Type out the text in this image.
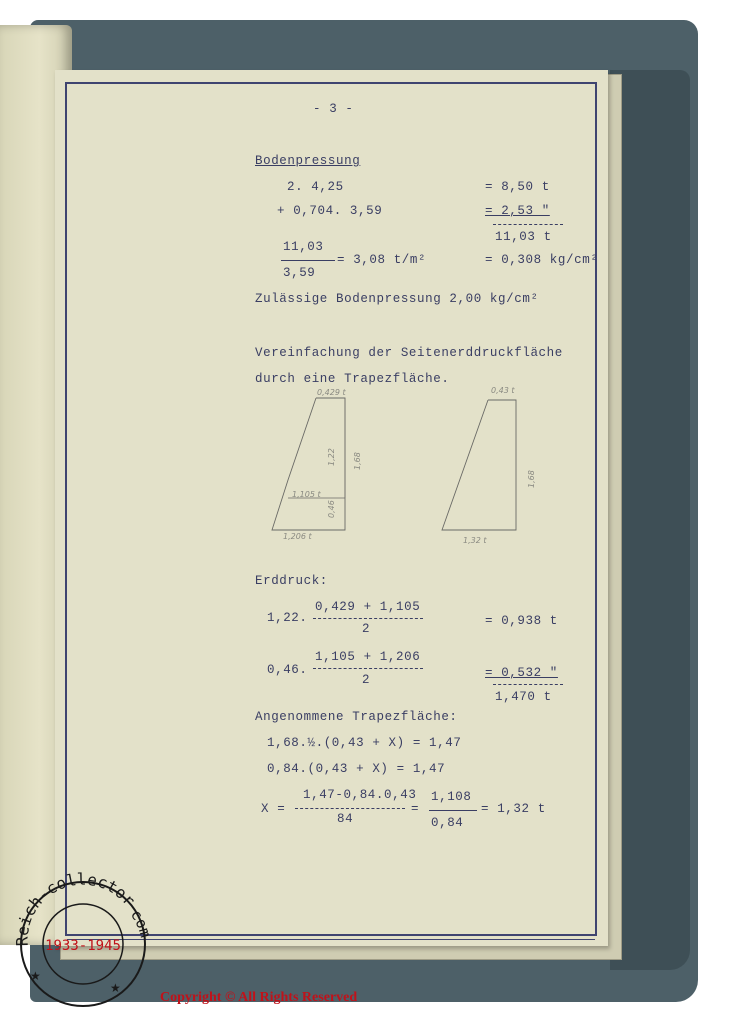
- 3 -
Bodenpressung
2. 4,25	= 8,50 t
+ 0,704. 3,59	= 2,53 "
11,03 t
11,03
3,59
= 3,08 t/m²	= 0,308 kg/cm²
Zulässige Bodenpressung 2,00 kg/cm²
Vereinfachung der Seitenerddruckfläche
durch eine Trapezfläche.
0,429 t
1,105 t
1,206 t
1,22
0,46
1,68
0,43 t
1,68
1,32 t
Erddruck:
0,429 + 1,105
1,22.
2
= 0,938 t
1,105 + 1,206
0,46.
2	= 0,532 "
1,470 t
Angenommene Trapezfläche:
1,68.½.(0,43 + X) = 1,47
0,84.(0,43 + X) = 1,47
1,47-0,84.0,43
X =
84
=
1,108
0,84
= 1,32 t
Reich-collector
com
1933-1945
★
★
Copyright © All Rights Reserved
